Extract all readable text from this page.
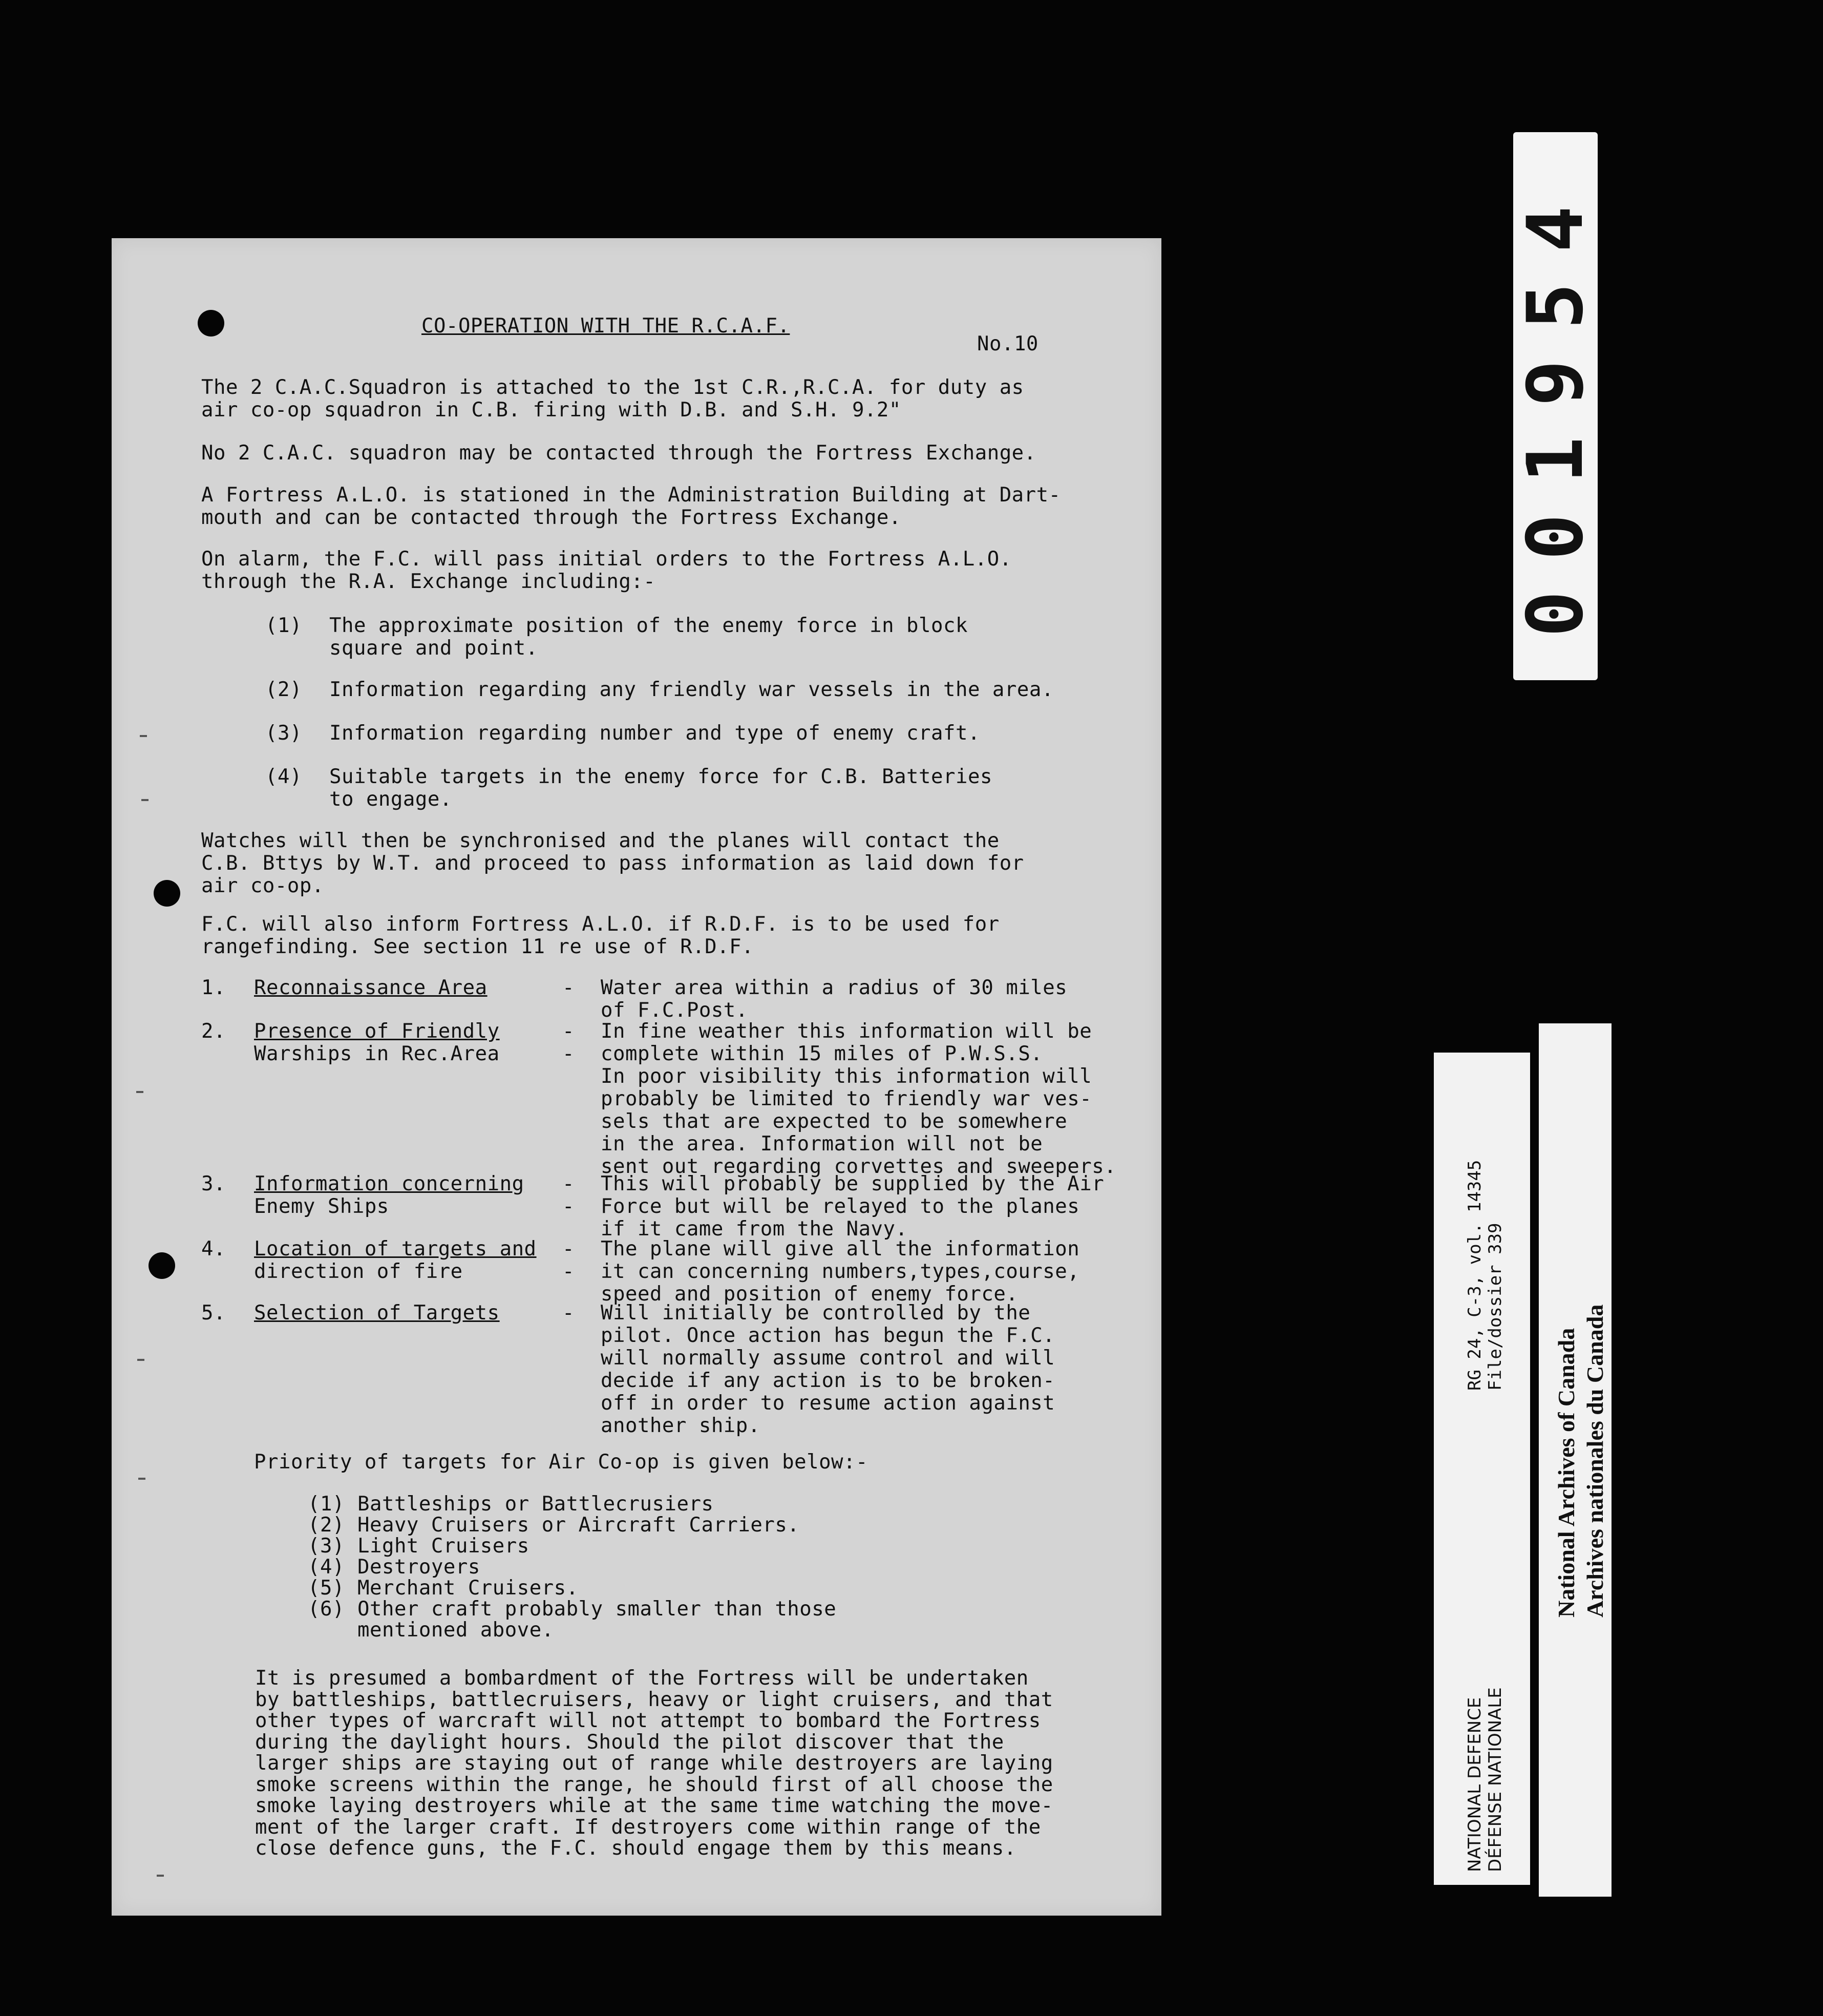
CO-OPERATION WITH THE R.C.A.F.
No.10
The 2 C.A.C.Squadron is attached to the 1st C.R.,R.C.A. for duty as
air co-op squadron in C.B. firing with D.B. and S.H. 9.2"
No 2 C.A.C. squadron may be contacted through the Fortress Exchange.
A Fortress A.L.O. is stationed in the Administration Building at Dart-
mouth and can be contacted through the Fortress Exchange.
On alarm, the F.C. will pass initial orders to the Fortress A.L.O.
through the R.A. Exchange including:-
(1) The approximate position of the enemy force in block
square and point.
(2) Information regarding any friendly war vessels in the area.
(3) Information regarding number and type of enemy craft.
(4) Suitable targets in the enemy force for C.B. Batteries
to engage.
Watches will then be synchronised and the planes will contact the
C.B. Bttys by W.T. and proceed to pass information as laid down for
air co-op.
F.C. will also inform Fortress A.L.O. if R.D.F. is to be used for
rangefinding. See section 11 re use of R.D.F.
1. Reconnaissance Area	- Water area within a radius of 30 miles
of F.C.Post.
2. Presence of Friendly
Warships in Rec.Area
-
-
In fine weather this information will be
complete within 15 miles of P.W.S.S.
In poor visibility this information will
probably be limited to friendly war ves-
sels that are expected to be somewhere
in the area. Information will not be
sent out regarding corvettes and sweepers.
3. Information concerning
Enemy Ships
-
-
This will probably be supplied by the Air
Force but will be relayed to the planes
if it came from the Navy.
4. Location of targets and
direction of fire
-
-
The plane will give all the information
it can concerning numbers,types,course,
speed and position of enemy force.
5. Selection of Targets	- Will initially be controlled by the
pilot. Once action has begun the F.C.
will normally assume control and will
decide if any action is to be broken-
off in order to resume action against
another ship.
Priority of targets for Air Co-op is given below:-
(1) Battleships or Battlecrusiers
(2) Heavy Cruisers or Aircraft Carriers.
(3) Light Cruisers
(4) Destroyers
(5) Merchant Cruisers.
(6) Other craft probably smaller than those
mentioned above.
It is presumed a bombardment of the Fortress will be undertaken
by battleships, battlecruisers, heavy or light cruisers, and that
other types of warcraft will not attempt to bombard the Fortress
during the daylight hours. Should the pilot discover that the
larger ships are staying out of range while destroyers are laying
smoke screens within the range, he should first of all choose the
smoke laying destroyers while at the same time watching the move-
ment of the larger craft. If destroyers come within range of the
close defence guns, the F.C. should engage them by this means.
001954
NATIONAL DEFENCE DÉFENSE NATIONALE
RG 24, C-3, vol. 14345 File/dossier 339
National Archives of Canada Archives nationales du Canada
